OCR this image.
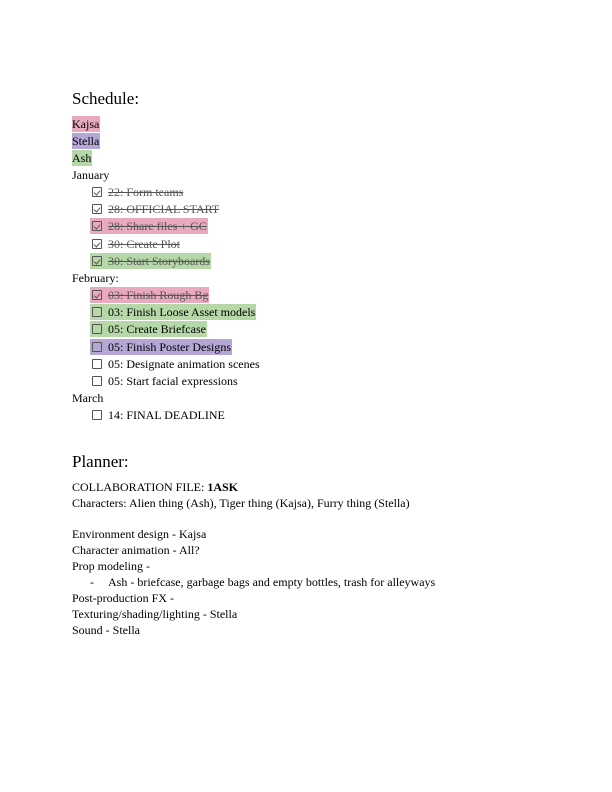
Schedule:
Kajsa
Stella
Ash
January
22: Form teams
28: OFFICIAL START
28: Share files + GC
30: Create Plot
30: Start Storyboards
February:
03: Finish Rough Bg
03: Finish Loose Asset models
05: Create Briefcase
05: Finish Poster Designs
05: Designate animation scenes
05: Start facial expressions
March
14: FINAL DEADLINE
Planner:
COLLABORATION FILE: 1ASK
Characters: Alien thing (Ash), Tiger thing (Kajsa), Furry thing (Stella)
Environment design - Kajsa
Character animation - All?
Prop modeling -
- Ash - briefcase, garbage bags and empty bottles, trash for alleyways
Post-production FX -
Texturing/shading/lighting - Stella
Sound - Stella
